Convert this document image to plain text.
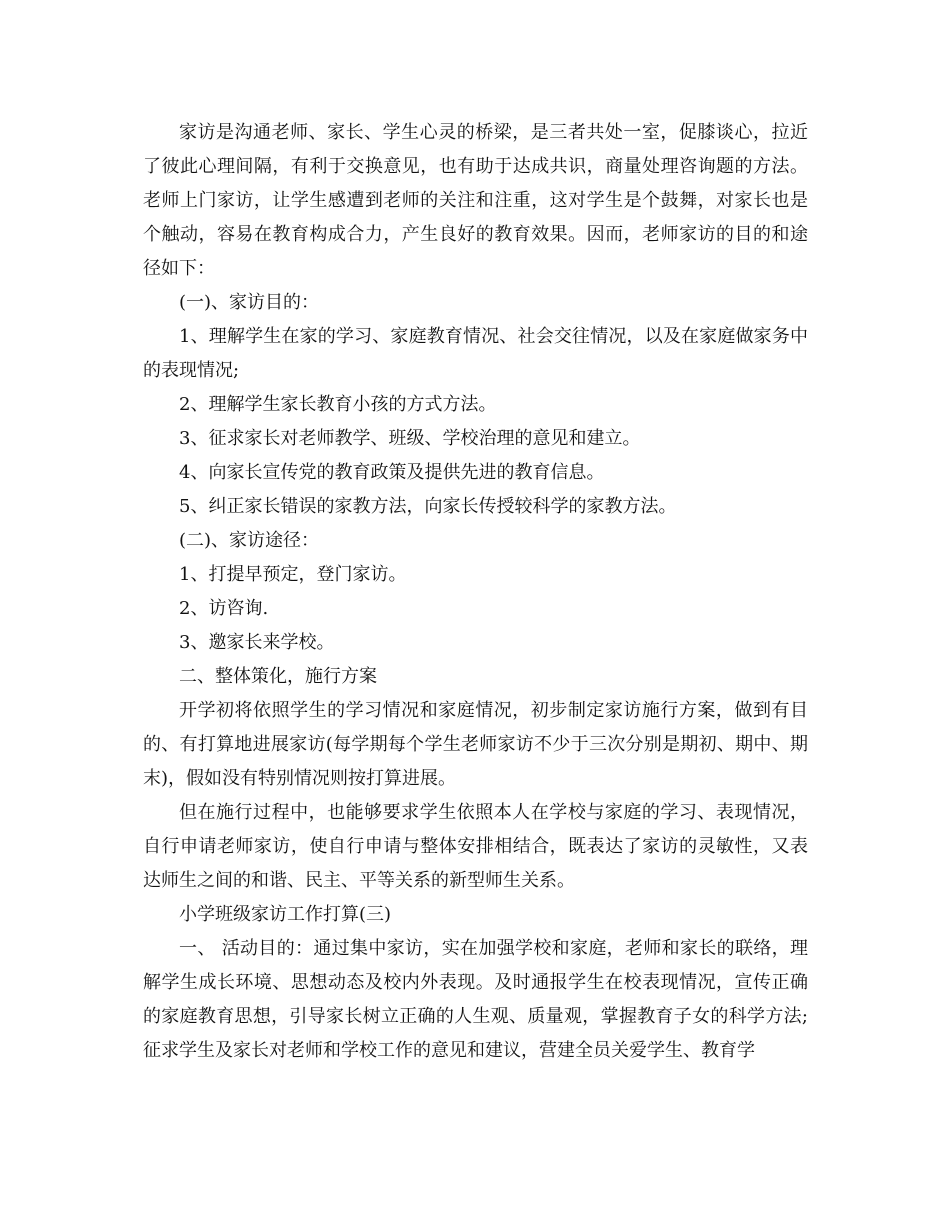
家访是沟通老师、家长、学生心灵的桥梁，是三者共处一室，促膝谈心，拉近了彼此心理间隔，有利于交换意见，也有助于达成共识，商量处理咨询题的方法。老师上门家访，让学生感遭到老师的关注和注重，这对学生是个鼓舞，对家长也是个触动，容易在教育构成合力，产生良好的教育效果。因而，老师家访的目的和途径如下：

(一)、家访目的：

1、理解学生在家的学习、家庭教育情况、社会交往情况，以及在家庭做家务中的表现情况;

2、理解学生家长教育小孩的方式方法。

3、征求家长对老师教学、班级、学校治理的意见和建立。

4、向家长宣传党的教育政策及提供先进的教育信息。

5、纠正家长错误的家教方法，向家长传授较科学的家教方法。

(二)、家访途径：

1、打提早预定，登门家访。

2、访咨询.

3、邀家长来学校。

二、整体策化，施行方案

开学初将依照学生的学习情况和家庭情况，初步制定家访施行方案，做到有目的、有打算地进展家访(每学期每个学生老师家访不少于三次分别是期初、期中、期末)，假如没有特别情况则按打算进展。

但在施行过程中，也能够要求学生依照本人在学校与家庭的学习、表现情况，自行申请老师家访，使自行申请与整体安排相结合，既表达了家访的灵敏性，又表达师生之间的和谐、民主、平等关系的新型师生关系。

小学班级家访工作打算(三)

一、 活动目的：通过集中家访，实在加强学校和家庭，老师和家长的联络，理解学生成长环境、思想动态及校内外表现。及时通报学生在校表现情况，宣传正确的家庭教育思想，引导家长树立正确的人生观、质量观，掌握教育子女的科学方法;征求学生及家长对老师和学校工作的意见和建议，营建全员关爱学生、教育学
